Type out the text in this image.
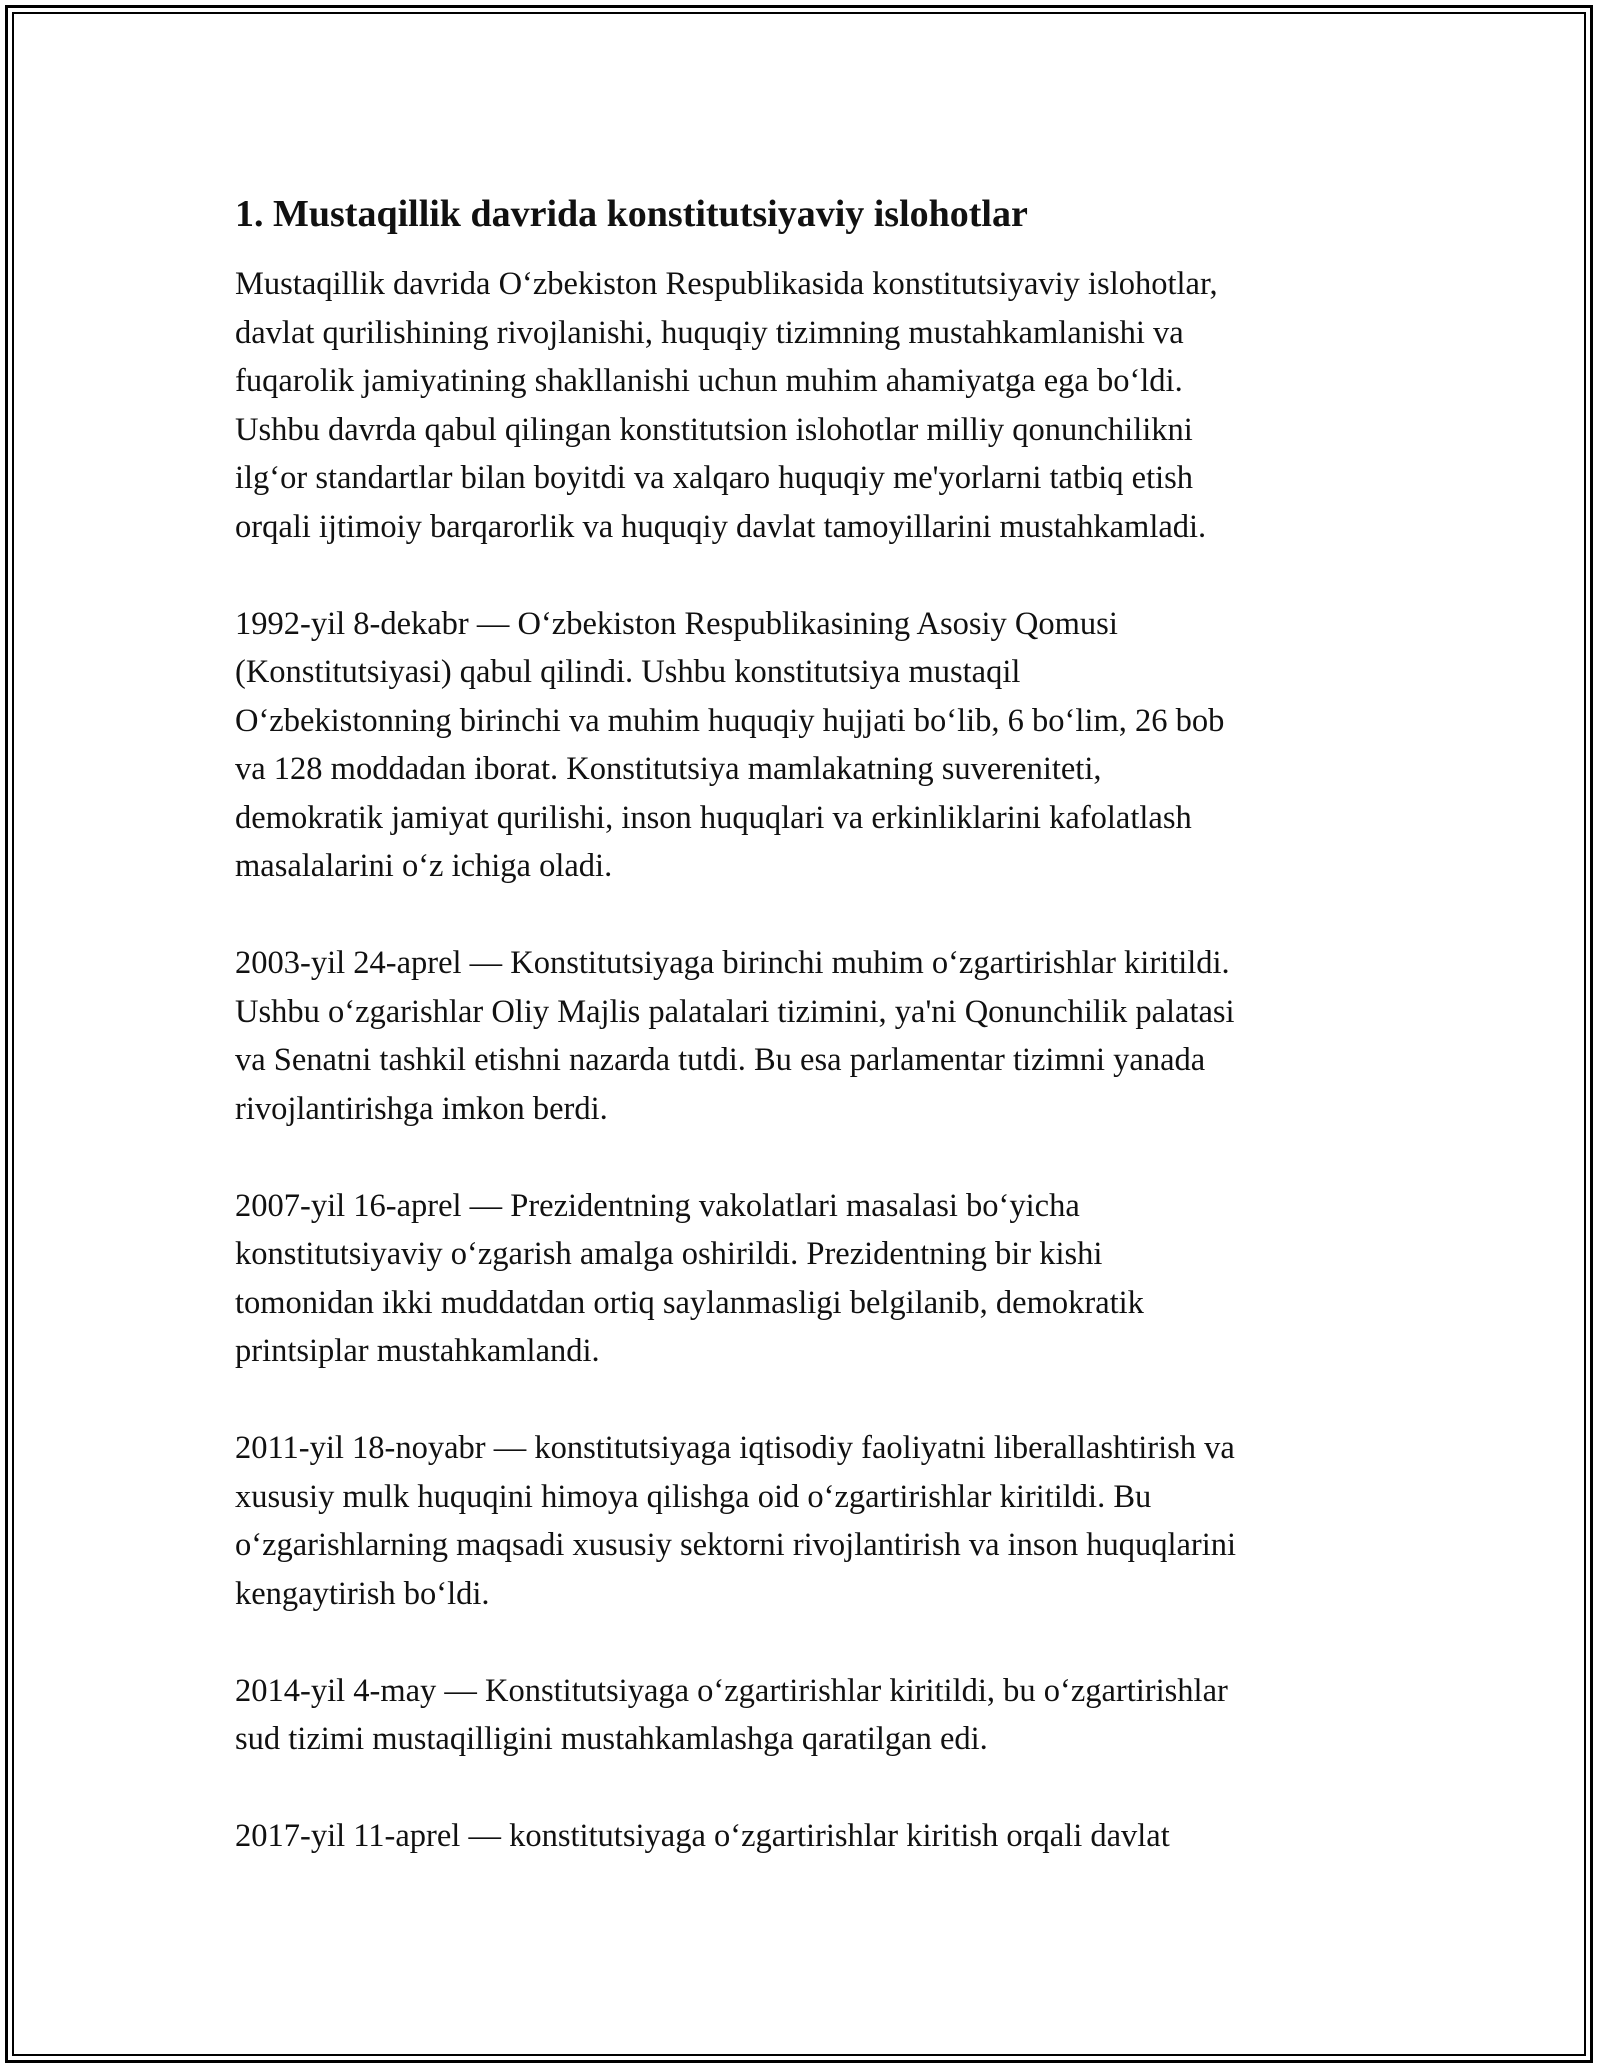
1. Mustaqillik davrida konstitutsiyaviy islohotlar

Mustaqillik davrida O‘zbekiston Respublikasida konstitutsiyaviy islohotlar,
davlat qurilishining rivojlanishi, huquqiy tizimning mustahkamlanishi va
fuqarolik jamiyatining shakllanishi uchun muhim ahamiyatga ega bo‘ldi.
Ushbu davrda qabul qilingan konstitutsion islohotlar milliy qonunchilikni
ilg‘or standartlar bilan boyitdi va xalqaro huquqiy me'yorlarni tatbiq etish
orqali ijtimoiy barqarorlik va huquqiy davlat tamoyillarini mustahkamladi.

1992-yil 8-dekabr — O‘zbekiston Respublikasining Asosiy Qomusi
(Konstitutsiyasi) qabul qilindi. Ushbu konstitutsiya mustaqil
O‘zbekistonning birinchi va muhim huquqiy hujjati bo‘lib, 6 bo‘lim, 26 bob
va 128 moddadan iborat. Konstitutsiya mamlakatning suvereniteti,
demokratik jamiyat qurilishi, inson huquqlari va erkinliklarini kafolatlash
masalalarini o‘z ichiga oladi.

2003-yil 24-aprel — Konstitutsiyaga birinchi muhim o‘zgartirishlar kiritildi.
Ushbu o‘zgarishlar Oliy Majlis palatalari tizimini, ya'ni Qonunchilik palatasi
va Senatni tashkil etishni nazarda tutdi. Bu esa parlamentar tizimni yanada
rivojlantirishga imkon berdi.

2007-yil 16-aprel — Prezidentning vakolatlari masalasi bo‘yicha
konstitutsiyaviy o‘zgarish amalga oshirildi. Prezidentning bir kishi
tomonidan ikki muddatdan ortiq saylanmasligi belgilanib, demokratik
printsiplar mustahkamlandi.

2011-yil 18-noyabr — konstitutsiyaga iqtisodiy faoliyatni liberallashtirish va
xususiy mulk huquqini himoya qilishga oid o‘zgartirishlar kiritildi. Bu
o‘zgarishlarning maqsadi xususiy sektorni rivojlantirish va inson huquqlarini
kengaytirish bo‘ldi.

2014-yil 4-may — Konstitutsiyaga o‘zgartirishlar kiritildi, bu o‘zgartirishlar
sud tizimi mustaqilligini mustahkamlashga qaratilgan edi.

2017-yil 11-aprel — konstitutsiyaga o‘zgartirishlar kiritish orqali davlat
